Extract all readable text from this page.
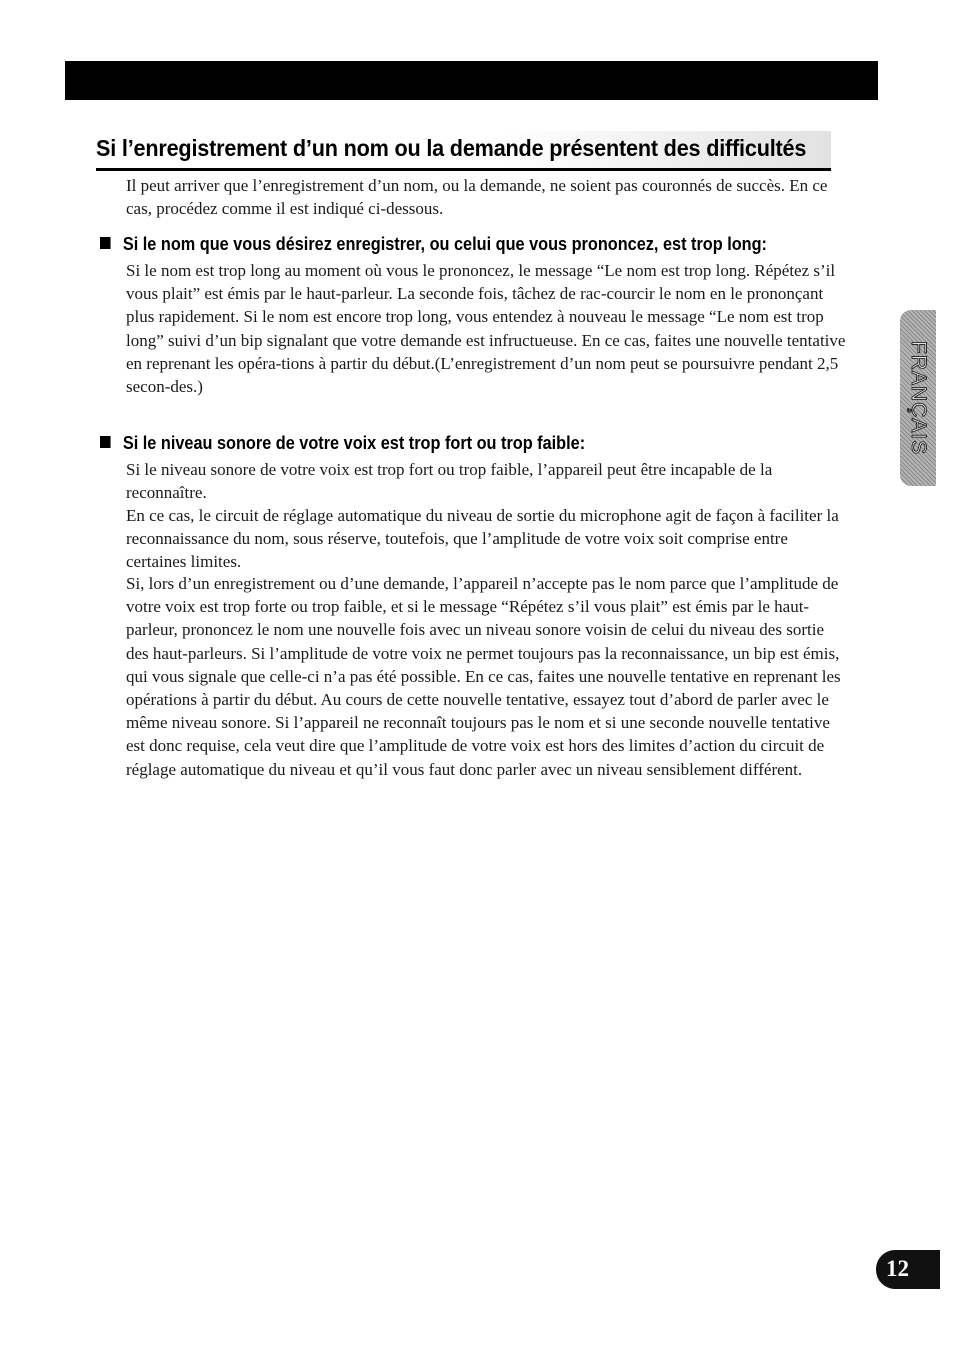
Si l’enregistrement d’un nom ou la demande présentent des difficultés

Il peut arriver que l’enregistrement d’un nom, ou la demande, ne soient pas couronnés de succès. En ce cas, procédez comme il est indiqué ci-dessous.

Si le nom que vous désirez enregistrer, ou celui que vous prononcez, est trop long:

Si le nom est trop long au moment où vous le prononcez, le message “Le nom est trop long. Répétez s’il vous plait” est émis par le haut-parleur. La seconde fois, tâchez de rac-courcir le nom en le prononçant plus rapidement. Si le nom est encore trop long, vous entendez à nouveau le message “Le nom est trop long” suivi d’un bip signalant que votre demande est infructueuse. En ce cas, faites une nouvelle tentative en reprenant les opéra-tions à partir du début.(L’enregistrement d’un nom peut se poursuivre pendant 2,5 secon-des.)

Si le niveau sonore de votre voix est trop fort ou trop faible:

Si le niveau sonore de votre voix est trop fort ou trop faible, l’appareil peut être incapable de la reconnaître.

En ce cas, le circuit de réglage automatique du niveau de sortie du microphone agit de façon à faciliter la reconnaissance du nom, sous réserve, toutefois, que l’amplitude de votre voix soit comprise entre certaines limites.

Si, lors d’un enregistrement ou d’une demande, l’appareil n’accepte pas le nom parce que l’amplitude de votre voix est trop forte ou trop faible, et si le message “Répétez s’il vous plait” est émis par le haut-parleur, prononcez le nom une nouvelle fois avec un niveau sonore voisin de celui du niveau des sortie des haut-parleurs. Si l’amplitude de votre voix ne permet toujours pas la reconnaissance, un bip est émis, qui vous signale que celle-ci n’a pas été possible. En ce cas, faites une nouvelle tentative en reprenant les opérations à partir du début. Au cours de cette nouvelle tentative, essayez tout d’abord de parler avec le même niveau sonore. Si l’appareil ne reconnaît toujours pas le nom et si une seconde nouvelle tentative est donc requise, cela veut dire que l’amplitude de votre voix est hors des limites d’action du circuit de réglage automatique du niveau et qu’il vous faut donc parler avec un niveau sensiblement différent.

FRANÇAIS
12
